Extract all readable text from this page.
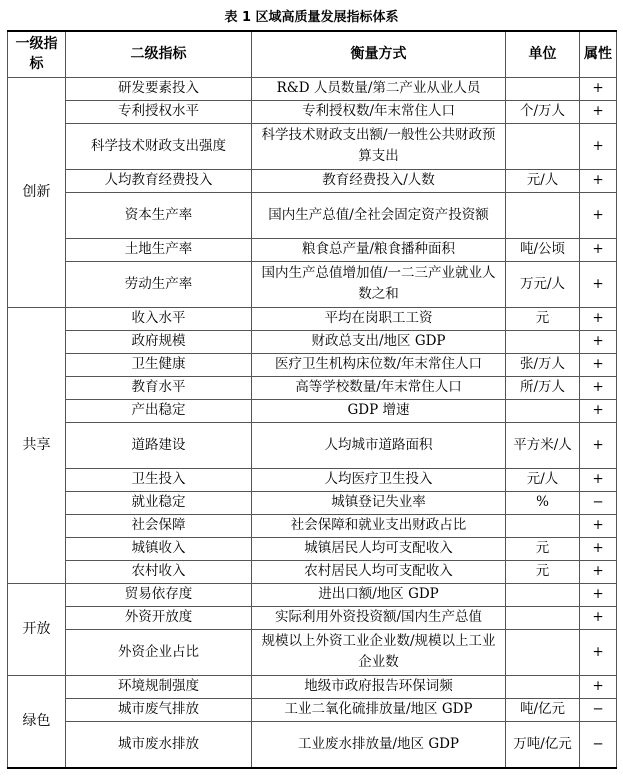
表 1 区域高质量发展指标体系
一级指标	二级指标	衡量方式	单位	属性
创新	研发要素投入	R&D 人员数量/第二产业从业人员		+
	专利授权水平	专利授权数/年末常住人口	个/万人	+
	科学技术财政支出强度	科学技术财政支出额/一般性公共财政预算支出		+
	人均教育经费投入	教育经费投入/人数	元/人	+
	资本生产率	国内生产总值/全社会固定资产投资额		+
	土地生产率	粮食总产量/粮食播种面积	吨/公顷	+
	劳动生产率	国内生产总值增加值/一二三产业就业人数之和	万元/人	+
共享	收入水平	平均在岗职工工资	元	+
	政府规模	财政总支出/地区 GDP		+
	卫生健康	医疗卫生机构床位数/年末常住人口	张/万人	+
	教育水平	高等学校数量/年末常住人口	所/万人	+
	产出稳定	GDP 增速		+
	道路建设	人均城市道路面积	平方米/人	+
	卫生投入	人均医疗卫生投入	元/人	+
	就业稳定	城镇登记失业率	%	−
	社会保障	社会保障和就业支出财政占比		+
	城镇收入	城镇居民人均可支配收入	元	+
	农村收入	农村居民人均可支配收入	元	+
开放	贸易依存度	进出口额/地区 GDP		+
	外资开放度	实际利用外资投资额/国内生产总值		+
	外资企业占比	规模以上外资工业企业数/规模以上工业企业数		+
绿色	环境规制强度	地级市政府报告环保词频		+
	城市废气排放	工业二氧化硫排放量/地区 GDP	吨/亿元	−
	城市废水排放	工业废水排放量/地区 GDP	万吨/亿元	−
